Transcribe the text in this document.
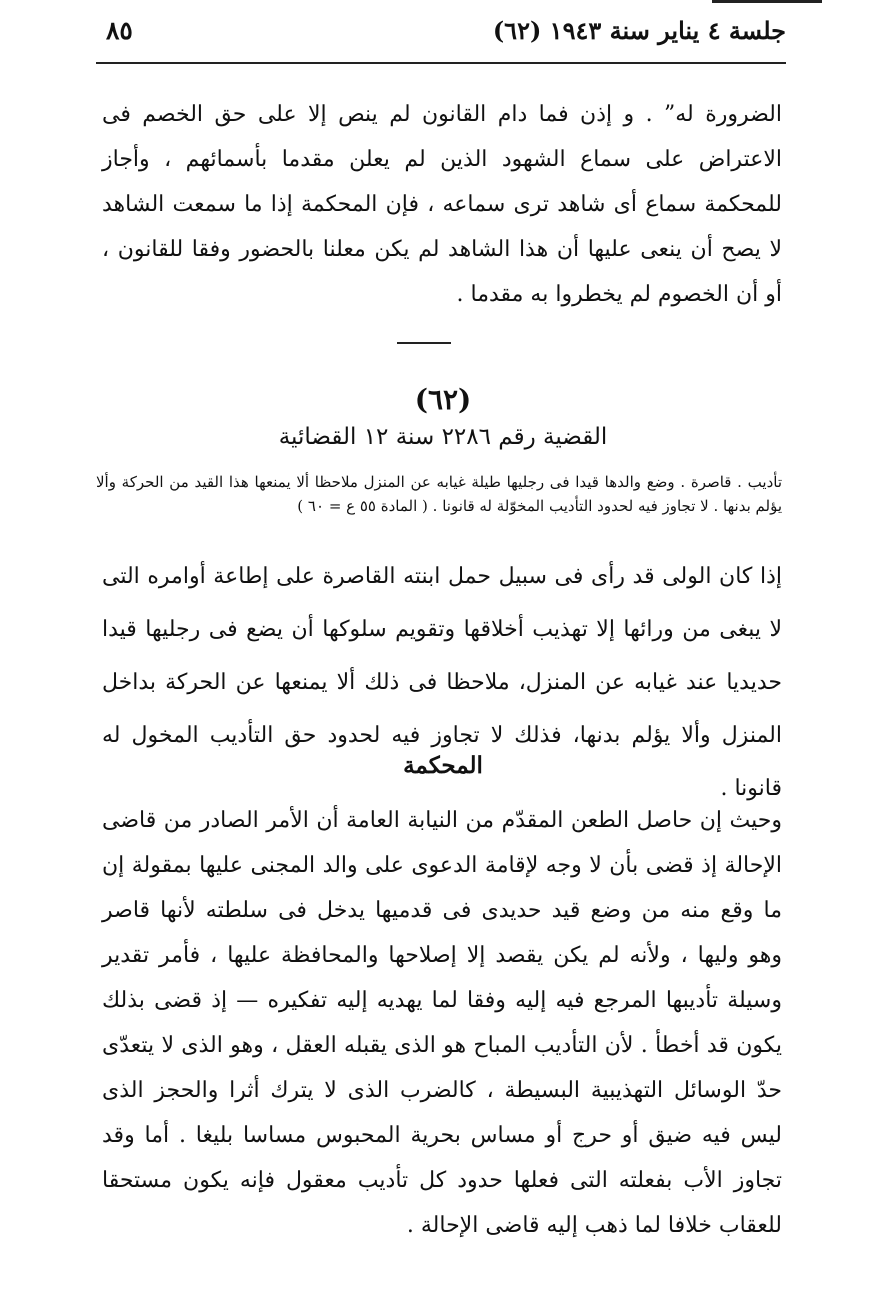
٨٥	جلسة ٤ يناير سنة ١٩٤٣ (٦٢)

الضرورة له” . و إذن فما دام القانون لم ينص إلا على حق الخصم فى الاعتراض على سماع الشهود الذين لم يعلن مقدما بأسمائهم ، وأجاز للمحكمة سماع أى شاهد ترى سماعه ، فإن المحكمة إذا ما سمعت الشاهد لا يصح أن ينعى عليها أن هذا الشاهد لم يكن معلنا بالحضور وفقا للقانون ، أو أن الخصوم لم يخطروا به مقدما .

(٦٢)
القضية رقم ٢٢٨٦ سنة ١٢ القضائية

تأديب . قاصرة . وضع والدها قيدا فى رجليها طيلة غيابه عن المنزل ملاحظا ألا يمنعها هذا القيد من الحركة وألا يؤلم بدنها . لا تجاوز فيه لحدود التأديب المخوّلة له قانونا . ( المادة ٥٥ ع = ٦٠ )

إذا كان الولى قد رأى فى سبيل حمل ابنته القاصرة على إطاعة أوامره التى لا يبغى من ورائها إلا تهذيب أخلاقها وتقويم سلوكها أن يضع فى رجليها قيدا حديديا عند غيابه عن المنزل، ملاحظا فى ذلك ألا يمنعها عن الحركة بداخل المنزل وألا يؤلم بدنها، فذلك لا تجاوز فيه لحدود حق التأديب المخول له قانونا .

المحكمة

وحيث إن حاصل الطعن المقدّم من النيابة العامة أن الأمر الصادر من قاضى الإحالة إذ قضى بأن لا وجه لإقامة الدعوى على والد المجنى عليها بمقولة إن ما وقع منه من وضع قيد حديدى فى قدميها يدخل فى سلطته لأنها قاصر وهو وليها ، ولأنه لم يكن يقصد إلا إصلاحها والمحافظة عليها ، فأمر تقدير وسيلة تأديبها المرجع فيه إليه وفقا لما يهديه إليه تفكيره — إذ قضى بذلك يكون قد أخطأ . لأن التأديب المباح هو الذى يقبله العقل ، وهو الذى لا يتعدّى حدّ الوسائل التهذيبية البسيطة ، كالضرب الذى لا يترك أثرا والحجز الذى ليس فيه ضيق أو حرج أو مساس بحرية المحبوس مساسا بليغا . أما وقد تجاوز الأب بفعلته التى فعلها حدود كل تأديب معقول فإنه يكون مستحقا للعقاب خلافا لما ذهب إليه قاضى الإحالة .
